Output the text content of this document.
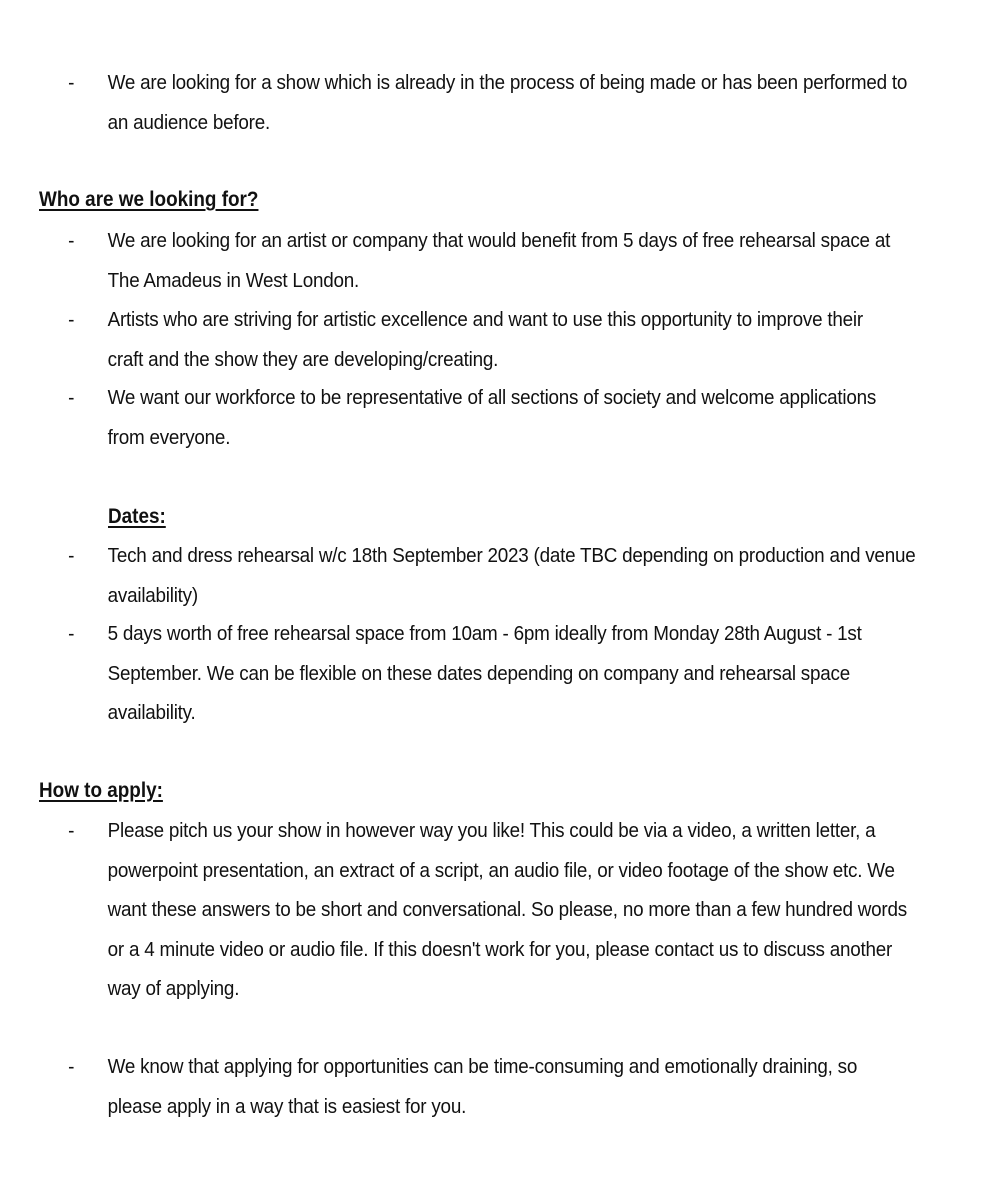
- We are looking for a show which is already in the process of being made or has been performed to
an audience before.
Who are we looking for?
- We are looking for an artist or company that would benefit from 5 days of free rehearsal space at
The Amadeus in West London.
- Artists who are striving for artistic excellence and want to use this opportunity to improve their
craft and the show they are developing/creating.
- We want our workforce to be representative of all sections of society and welcome applications
from everyone.
Dates:
- Tech and dress rehearsal w/c 18th September 2023 (date TBC depending on production and venue
availability)
- 5 days worth of free rehearsal space from 10am - 6pm ideally from Monday 28th August - 1st
September. We can be flexible on these dates depending on company and rehearsal space
availability.
How to apply:
- Please pitch us your show in however way you like! This could be via a video, a written letter, a
powerpoint presentation, an extract of a script, an audio file, or video footage of the show etc. We
want these answers to be short and conversational. So please, no more than a few hundred words
or a 4 minute video or audio file. If this doesn't work for you, please contact us to discuss another
way of applying.
- We know that applying for opportunities can be time-consuming and emotionally draining, so
please apply in a way that is easiest for you.
